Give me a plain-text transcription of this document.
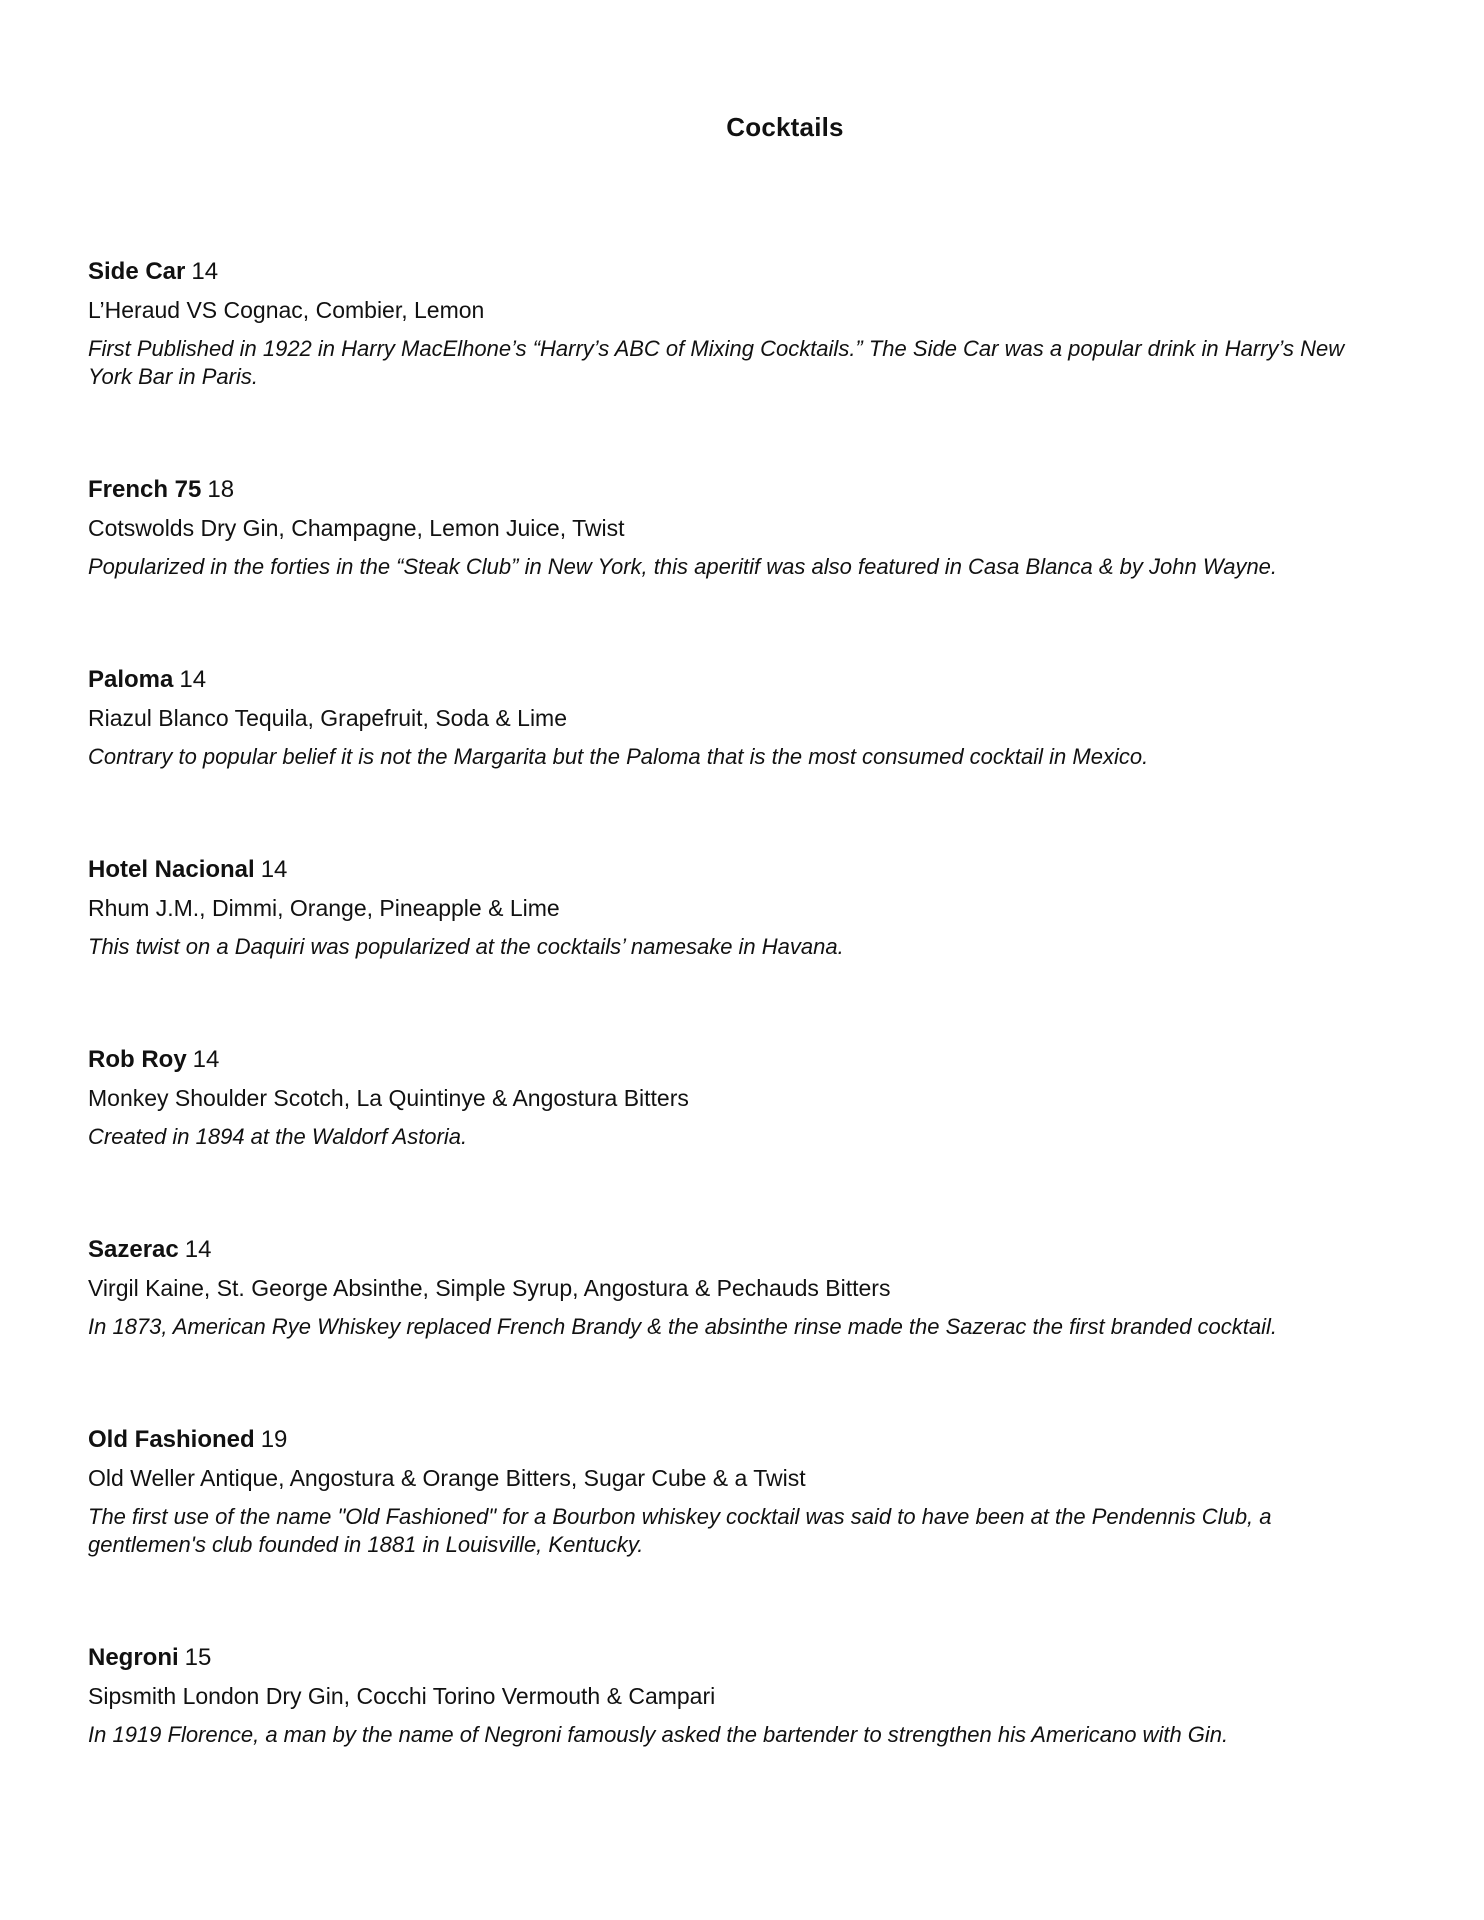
Cocktails

Side Car 14

L’Heraud VS Cognac, Combier, Lemon

First Published in 1922 in Harry MacElhone’s “Harry’s ABC of Mixing Cocktails.” The Side Car was a popular drink in Harry’s New York Bar in Paris.

French 75 18

Cotswolds Dry Gin, Champagne, Lemon Juice, Twist

Popularized in the forties in the “Steak Club” in New York, this aperitif was also featured in Casa Blanca & by John Wayne.

Paloma 14

Riazul Blanco Tequila, Grapefruit, Soda & Lime

Contrary to popular belief it is not the Margarita but the Paloma that is the most consumed cocktail in Mexico.

Hotel Nacional 14

Rhum J.M., Dimmi, Orange, Pineapple & Lime

This twist on a Daquiri was popularized at the cocktails’ namesake in Havana.

Rob Roy 14

Monkey Shoulder Scotch, La Quintinye & Angostura Bitters

Created in 1894 at the Waldorf Astoria.

Sazerac 14

Virgil Kaine, St. George Absinthe, Simple Syrup, Angostura & Pechauds Bitters

In 1873, American Rye Whiskey replaced French Brandy & the absinthe rinse made the Sazerac the first branded cocktail.

Old Fashioned 19

Old Weller Antique, Angostura & Orange Bitters, Sugar Cube & a Twist

The first use of the name "Old Fashioned" for a Bourbon whiskey cocktail was said to have been at the Pendennis Club, a gentlemen's club founded in 1881 in Louisville, Kentucky.

Negroni 15

Sipsmith London Dry Gin, Cocchi Torino Vermouth & Campari

In 1919 Florence, a man by the name of Negroni famously asked the bartender to strengthen his Americano with Gin.
